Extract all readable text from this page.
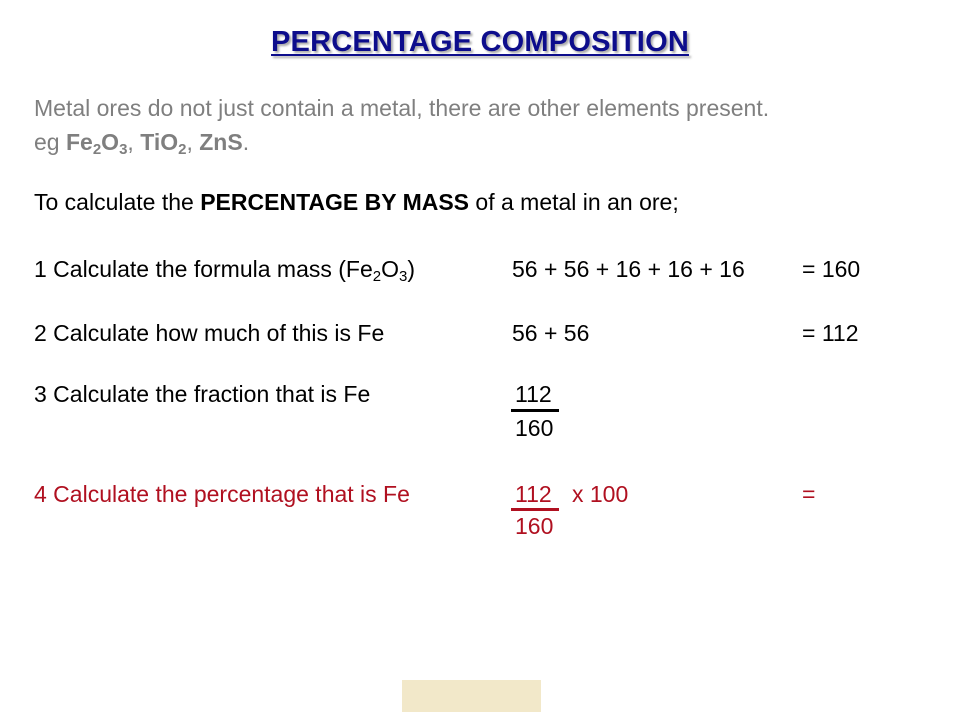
PERCENTAGE COMPOSITION
Metal ores do not just contain a metal, there are other elements present.
eg $Fe_2O_3$, TiO$_2$, ZnS.
To calculate the PERCENTAGE BY MASS of a metal in an ore;
1 Calculate the formula mass $(Fe_2O_3)$	56 + 56 + 16 + 16 + 16 = 160
2 Calculate how much of this is Fe	56 + 56	= 112
3 Calculate the fraction that is Fe	112
160
4 Calculate the percentage that is Fe	112 x 100	=
160
